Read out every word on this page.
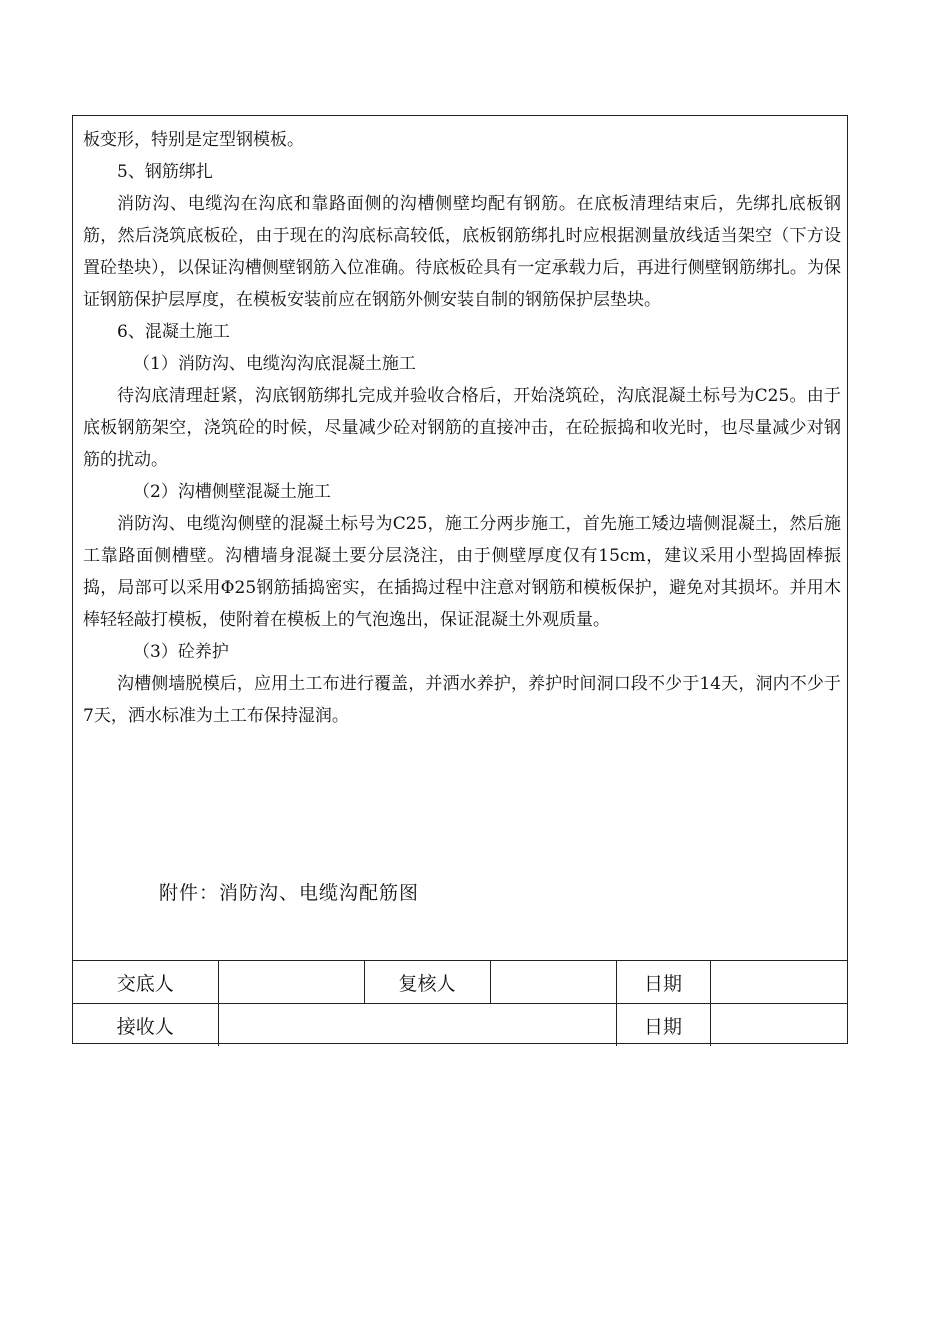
板变形，特别是定型钢模板。

5、钢筋绑扎

消防沟、电缆沟在沟底和靠路面侧的沟槽侧壁均配有钢筋。在底板清理结束后，先绑扎底板钢筋，然后浇筑底板砼，由于现在的沟底标高较低，底板钢筋绑扎时应根据测量放线适当架空（下方设置砼垫块），以保证沟槽侧壁钢筋入位准确。待底板砼具有一定承载力后，再进行侧壁钢筋绑扎。为保证钢筋保护层厚度，在模板安装前应在钢筋外侧安装自制的钢筋保护层垫块。

6、混凝土施工

（1）消防沟、电缆沟沟底混凝土施工

待沟底清理赶紧，沟底钢筋绑扎完成并验收合格后，开始浇筑砼，沟底混凝土标号为C25。由于底板钢筋架空，浇筑砼的时候，尽量减少砼对钢筋的直接冲击，在砼振捣和收光时，也尽量减少对钢筋的扰动。

（2）沟槽侧壁混凝土施工

消防沟、电缆沟侧壁的混凝土标号为C25，施工分两步施工，首先施工矮边墙侧混凝土，然后施工靠路面侧槽壁。沟槽墙身混凝土要分层浇注，由于侧壁厚度仅有15cm，建议采用小型捣固棒振捣，局部可以采用Φ25钢筋插捣密实，在插捣过程中注意对钢筋和模板保护，避免对其损坏。并用木棒轻轻敲打模板，使附着在模板上的气泡逸出，保证混凝土外观质量。

（3）砼养护

沟槽侧墙脱模后，应用土工布进行覆盖，并洒水养护，养护时间洞口段不少于14天，洞内不少于7天，洒水标准为土工布保持湿润。

附件：消防沟、电缆沟配筋图
交底人		复核人		日期	
接收人				日期	
